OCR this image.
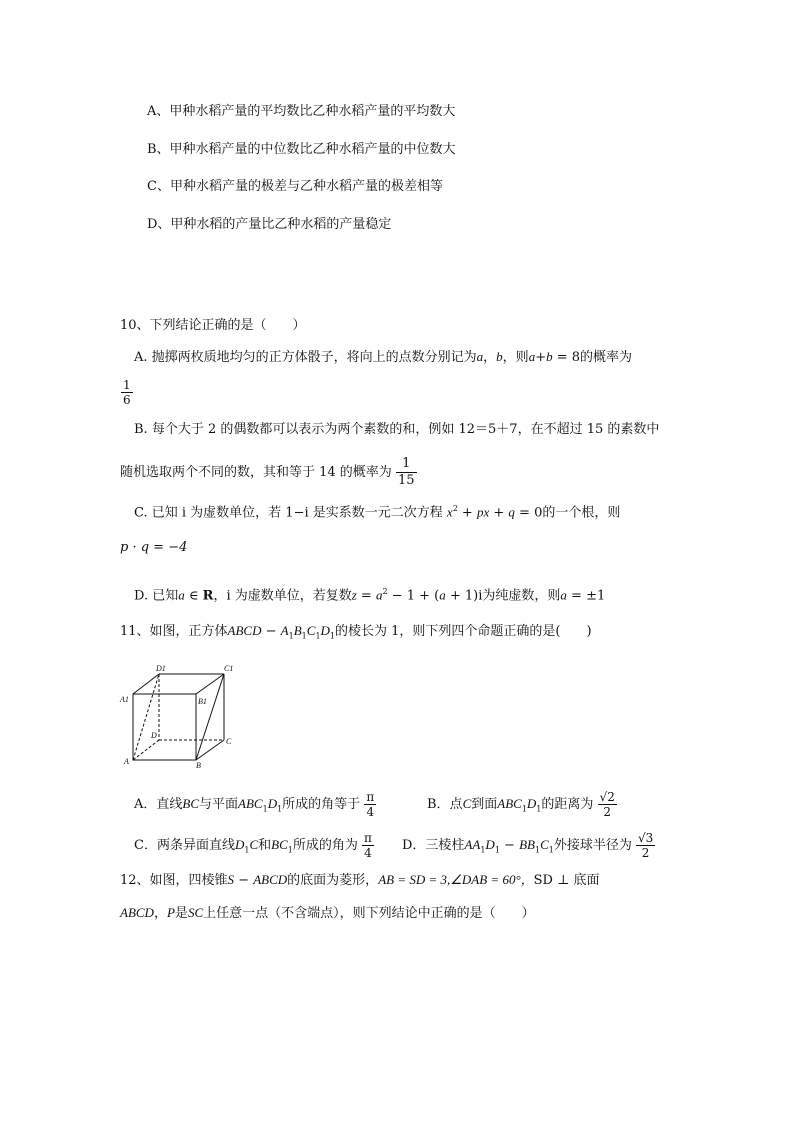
A、甲种水稻产量的平均数比乙种水稻产量的平均数大
B、甲种水稻产量的中位数比乙种水稻产量的中位数大
C、甲种水稻产量的极差与乙种水稻产量的极差相等
D、甲种水稻的产量比乙种水稻的产量稳定
10、下列结论正确的是（　　）
A. 抛掷两枚质地均匀的正方体骰子，将向上的点数分别记为a，b，则a+b = 8的概率为
$\frac{1}{6}$
B. 每个大于 2 的偶数都可以表示为两个素数的和，例如 12＝5＋7，在不超过 15 的素数中
随机选取两个不同的数，其和等于 14 的概率为 $\frac{1}{15}$
C. 已知 i 为虚数单位，若 1−i 是实系数一元二次方程 $x^2$ + px + q = 0的一个根，则
p · q = −4
D. 已知a ∈ R，i 为虚数单位，若复数$z = a^2 - 1 + (a + 1)i$为纯虚数，则a = ±1
11、如图，正方体ABCD − $A_1B_1C_1D_1$的棱长为 1，则下列四个命题正确的是(　　)
D1	C1
A1	B1
D
C
A	B
A．直线BC与平面$ABC_1D_1$所成的角等于 $\frac{\pi}{4}$	B．点C到面$ABC_1D_1$的距离为 $\frac{√2}{2}$
C．两条异面直线$D_1C$和$BC_1$所成的角为 $\frac{\pi}{4}$ D．三棱柱$AA_1D_1 - BB_1C_1$外接球半径为 $\frac{√3}{2}$
12、如图，四棱锥S − ABCD的底面为菱形，AB = SD = 3,∠DAB = 60°，SD ⊥ 底面
ABCD，P是SC上任意一点（不含端点），则下列结论中正确的是（　　）
